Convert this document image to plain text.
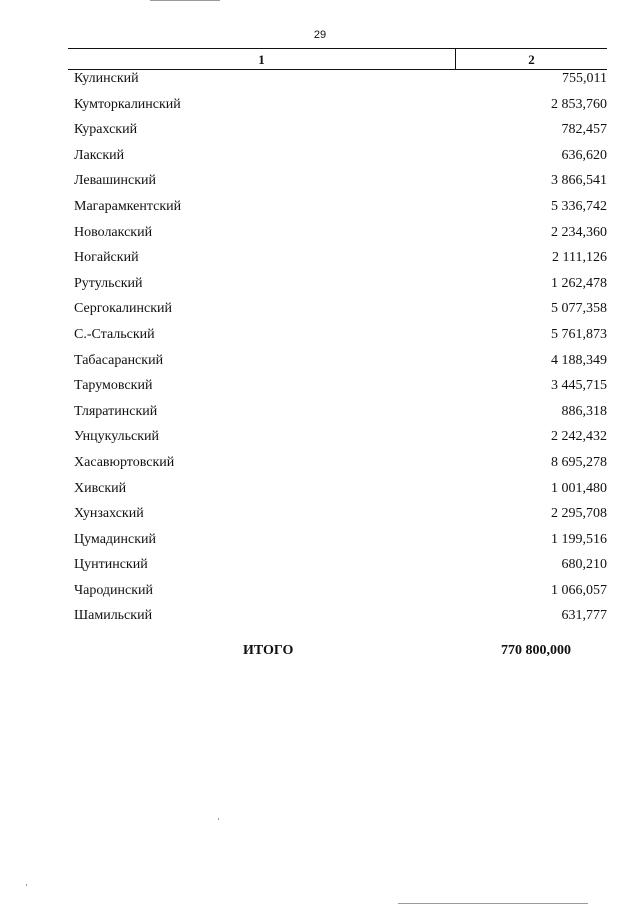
29
1	2
Кулинский	755,011
Кумторкалинский	2 853,760
Курахский	782,457
Лакский	636,620
Левашинский	3 866,541
Магарамкентский	5 336,742
Новолакский	2 234,360
Ногайский	2 111,126
Рутульский	1 262,478
Сергокалинский	5 077,358
С.-Стальский	5 761,873
Табасаранский	4 188,349
Тарумовский	3 445,715
Тляратинский	886,318
Унцукульский	2 242,432
Хасавюртовский	8 695,278
Хивский	1 001,480
Хунзахский	2 295,708
Цумадинский	1 199,516
Цунтинский	680,210
Чародинский	1 066,057
Шамильский	631,777
ИТОГО	770 800,000
